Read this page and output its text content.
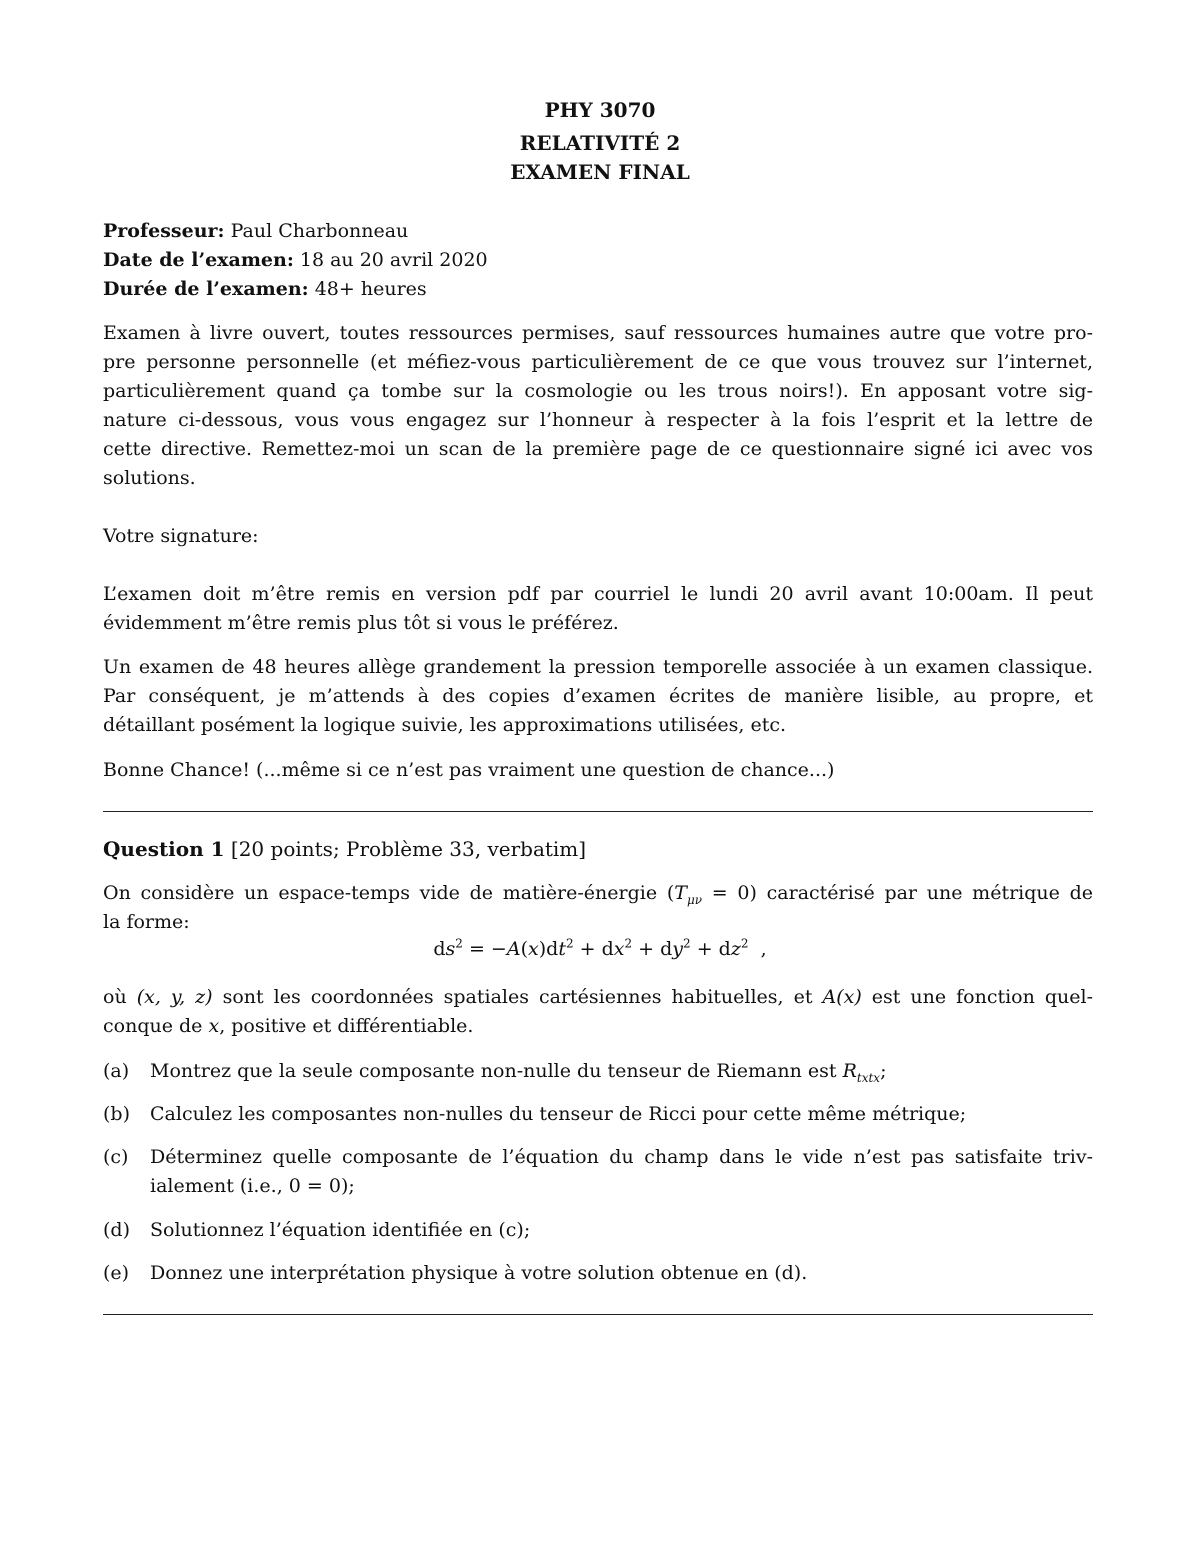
PHY 3070
RELATIVITÉ 2
EXAMEN FINAL
Professeur: Paul Charbonneau
Date de l’examen: 18 au 20 avril 2020
Durée de l’examen: 48+ heures
Examen à livre ouvert, toutes ressources permises, sauf ressources humaines autre que votre pro-
pre personne personnelle (et méfiez-vous particulièrement de ce que vous trouvez sur l’internet,
particulièrement quand ça tombe sur la cosmologie ou les trous noirs!). En apposant votre sig-
nature ci-dessous, vous vous engagez sur l’honneur à respecter à la fois l’esprit et la lettre de
cette directive. Remettez-moi un scan de la première page de ce questionnaire signé ici avec vos
solutions.
Votre signature:
L’examen doit m’être remis en version pdf par courriel le lundi 20 avril avant 10:00am. Il peut
évidemment m’être remis plus tôt si vous le préférez.
Un examen de 48 heures allège grandement la pression temporelle associée à un examen classique.
Par conséquent, je m’attends à des copies d’examen écrites de manière lisible, au propre, et
détaillant posément la logique suivie, les approximations utilisées, etc.
Bonne Chance! (...même si ce n’est pas vraiment une question de chance...)
Question 1 [20 points; Problème 33, verbatim]
On considère un espace-temps vide de matière-énergie $(T_{\mu\nu} = 0)$ caractérisé par une métrique de
la forme:
$ds^2 = -A(x)dt^2 + dx^2 + dy^2 + dz^2$  ,
où (x, y, z) sont les coordonnées spatiales cartésiennes habituelles, et A(x) est une fonction quel-
conque de x, positive et différentiable.
(a) Montrez que la seule composante non-nulle du tenseur de Riemann est $R_{txtx}$;
(b) Calculez les composantes non-nulles du tenseur de Ricci pour cette même métrique;
(c) Déterminez quelle composante de l’équation du champ dans le vide n’est pas satisfaite triv-
ialement (i.e., 0 = 0);
(d) Solutionnez l’équation identifiée en (c);
(e) Donnez une interprétation physique à votre solution obtenue en (d).
